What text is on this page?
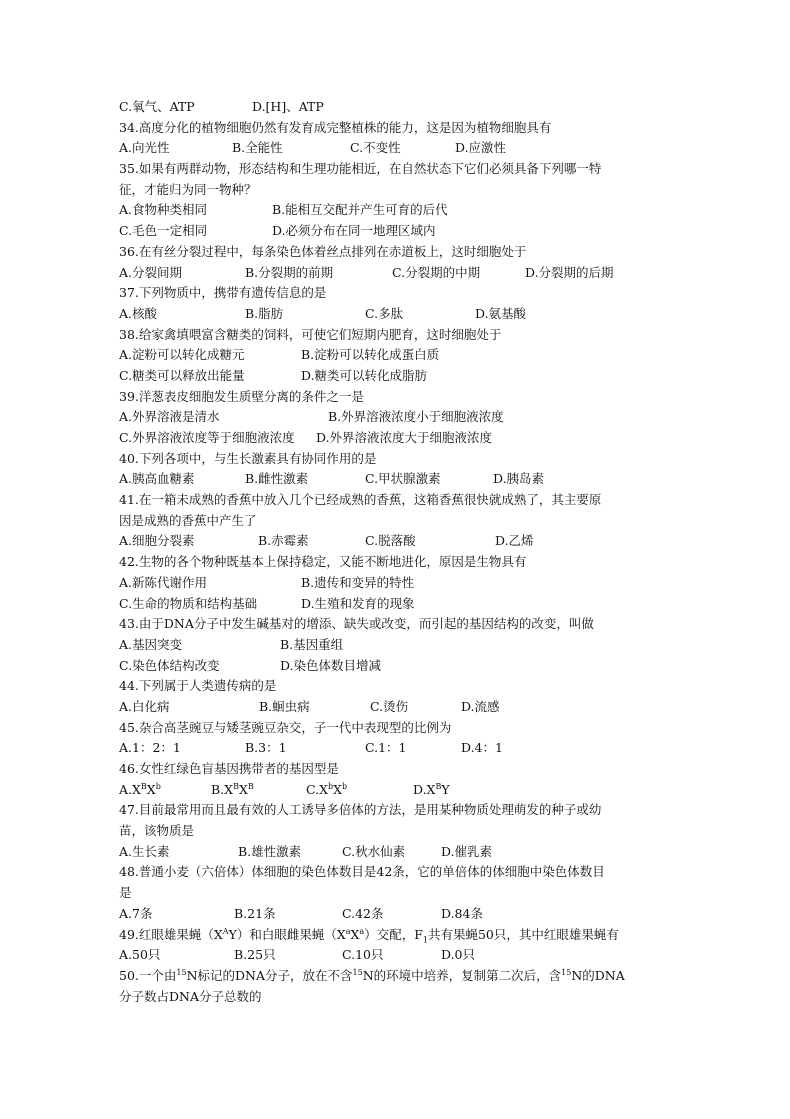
C.氧气、ATP	D.[H]、ATP
34.高度分化的植物细胞仍然有发育成完整植株的能力，这是因为植物细胞具有
A.向光性	B.全能性	C.不变性	D.应激性
35.如果有两群动物，形态结构和生理功能相近，在自然状态下它们必须具备下列哪一特
征，才能归为同一物种？
A.食物种类相同	B.能相互交配并产生可育的后代
C.毛色一定相同	D.必须分布在同一地理区域内
36.在有丝分裂过程中，每条染色体着丝点排列在赤道板上，这时细胞处于
A.分裂间期	B.分裂期的前期	C.分裂期的中期	D.分裂期的后期
37.下列物质中，携带有遗传信息的是
A.核酸	B.脂肪	C.多肽	D.氨基酸
38.给家禽填喂富含糖类的饲料，可使它们短期内肥育，这时细胞处于
A.淀粉可以转化成糖元	B.淀粉可以转化成蛋白质
C.糖类可以释放出能量	D.糖类可以转化成脂肪
39.洋葱表皮细胞发生质壁分离的条件之一是
A.外界溶液是清水	B.外界溶液浓度小于细胞液浓度
C.外界溶液浓度等于细胞液浓度 D.外界溶液浓度大于细胞液浓度
40.下列各项中，与生长激素具有协同作用的是
A.胰高血糖素	B.雌性激素	C.甲状腺激素	D.胰岛素
41.在一箱未成熟的香蕉中放入几个已经成熟的香蕉，这箱香蕉很快就成熟了，其主要原
因是成熟的香蕉中产生了
A.细胞分裂素	B.赤霉素	C.脱落酸	D.乙烯
42.生物的各个物种既基本上保持稳定，又能不断地进化，原因是生物具有
A.新陈代谢作用	B.遗传和变异的特性
C.生命的物质和结构基础	D.生殖和发育的现象
43.由于DNA分子中发生碱基对的增添、缺失或改变，而引起的基因结构的改变，叫做
A.基因突变	B.基因重组
C.染色体结构改变	D.染色体数目增减
44.下列属于人类遗传病的是
A.白化病	B.蛔虫病	C.烫伤	D.流感
45.杂合高茎豌豆与矮茎豌豆杂交，子一代中表现型的比例为
A.1：2：1	B.3：1	C.1：1	D.4：1
46.女性红绿色盲基因携带者的基因型是
$A.X^BX^b$	$B.X^BX^B$	$C.X^bX^b$	$D.X^BY$
47.目前最常用而且最有效的人工诱导多倍体的方法，是用某种物质处理萌发的种子或幼
苗，该物质是
A.生长素	B.雄性激素	C.秋水仙素	D.催乳素
48.普通小麦（六倍体）体细胞的染色体数目是42条，它的单倍体的体细胞中染色体数目
是
A.7条	B.21条	C.42条	D.84条
49.红眼雄果蝇$(X^AY)$和白眼雌果蝇$(X^aX^a)$交配，$F_1$共有果蝇50只，其中红眼雄果蝇有
A.50只	B.25只	C.10只	D.0只
50.一个由$^{15}$N标记的DNA分子，放在不含$^{15}$N的环境中培养，复制第二次后，含$^{15}$N的DNA
分子数占DNA分子总数的
